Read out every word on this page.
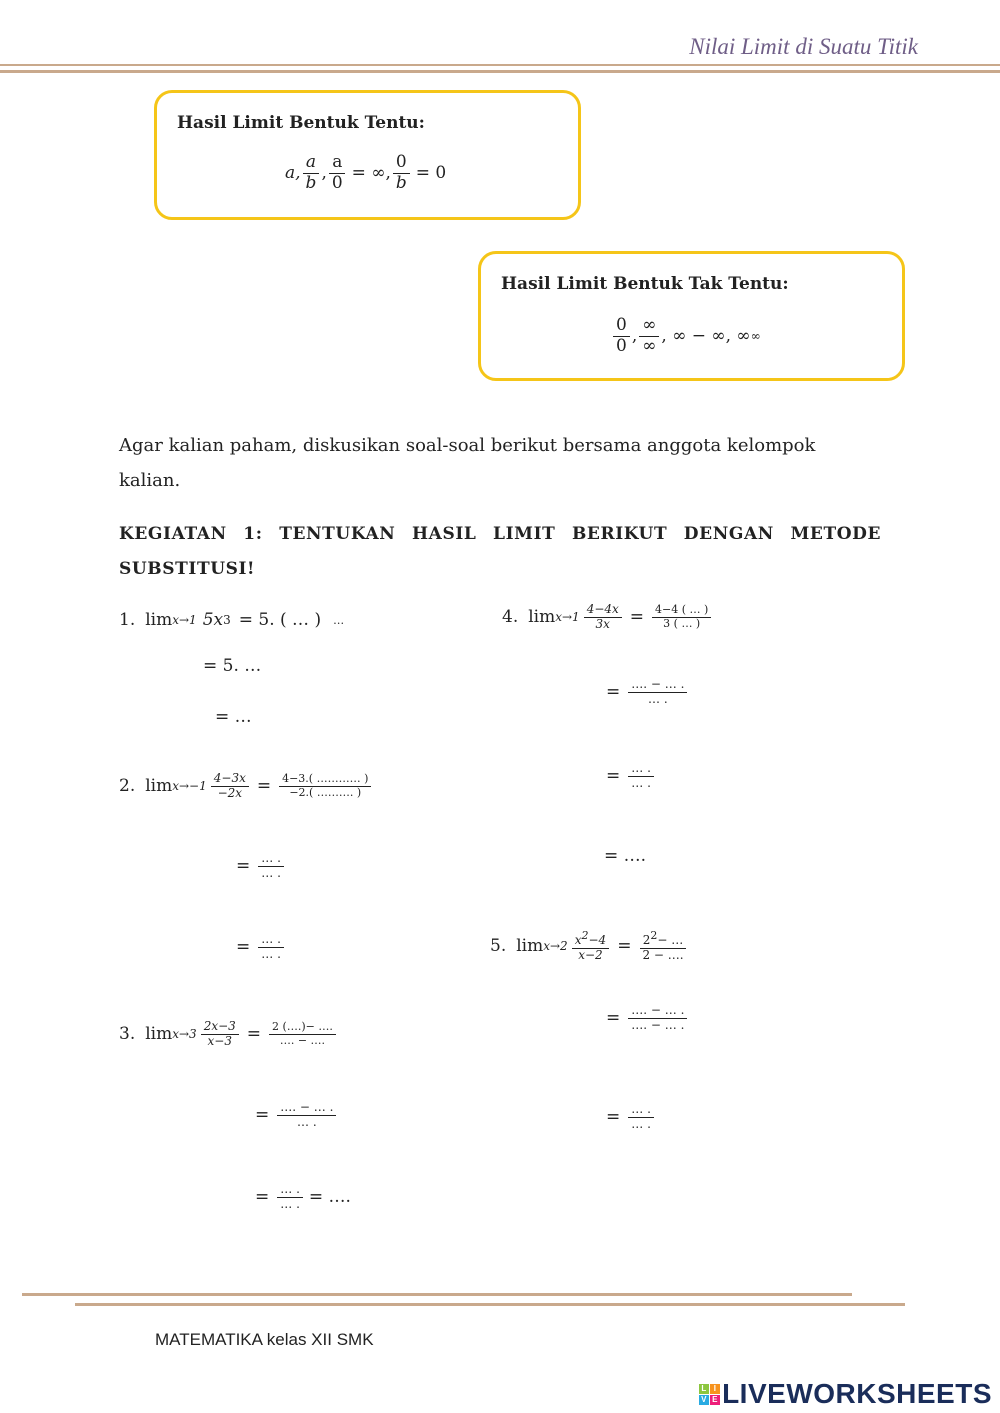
Nilai Limit di Suatu Titik
Hasil Limit Bentuk Tentu:
a, $\frac{a}{b}$ , $\frac{a}{0}$ = ∞, $\frac{0}{b} = 0$
Hasil Limit Bentuk Tak Tentu:
$\frac{0}{0}$ , $\frac{\infty}{\infty}$ , ∞ − ∞, ∞ ∞
Agar kalian paham, diskusikan soal-soal berikut bersama anggota kelompok kalian.
KEGIATAN 1: TENTUKAN HASIL LIMIT BERIKUT DENGAN METODE SUBSTITUSI!
1. lim x→1 5x 3 = 5. ( … ) …
= 5. …
= …
2. $\lim x\to-1 \frac{4-3x}{-2x} = \frac{4-3.( \dots\dots\dots\dots )}{-2.( \dots\dots\dots. )}$
= $\frac{\dots .}{\dots .}$
= $\frac{\dots .}{\dots .}$
3. $\lim x\to 3 \frac{2x-3}{x-3} = \frac{2 (\dots.)- \dots.}{\dots. - \dots.}$
= $\frac{\dots. - \dots .}{\dots .}$
= $\frac{\dots .}{\dots .}$ = ….
4. $\lim x\to 1 \frac{4-4x}{3x} = \frac{4-4 ( \dots )}{3 ( \dots )}$
= $\frac{\dots. - \dots .}{\dots .}$
= $\frac{\dots .}{\dots .}$
= ….
5. $\lim x\to 2 \frac{x^2-4}{x-2} = \frac{2^2- \dots}{2 - \dots.}$
= $\frac{\dots. - \dots .}{\dots. - \dots .}$
= $\frac{\dots .}{\dots .}$
MATEMATIKA kelas XII SMK
L I
V E LIVEWORKSHEETS
